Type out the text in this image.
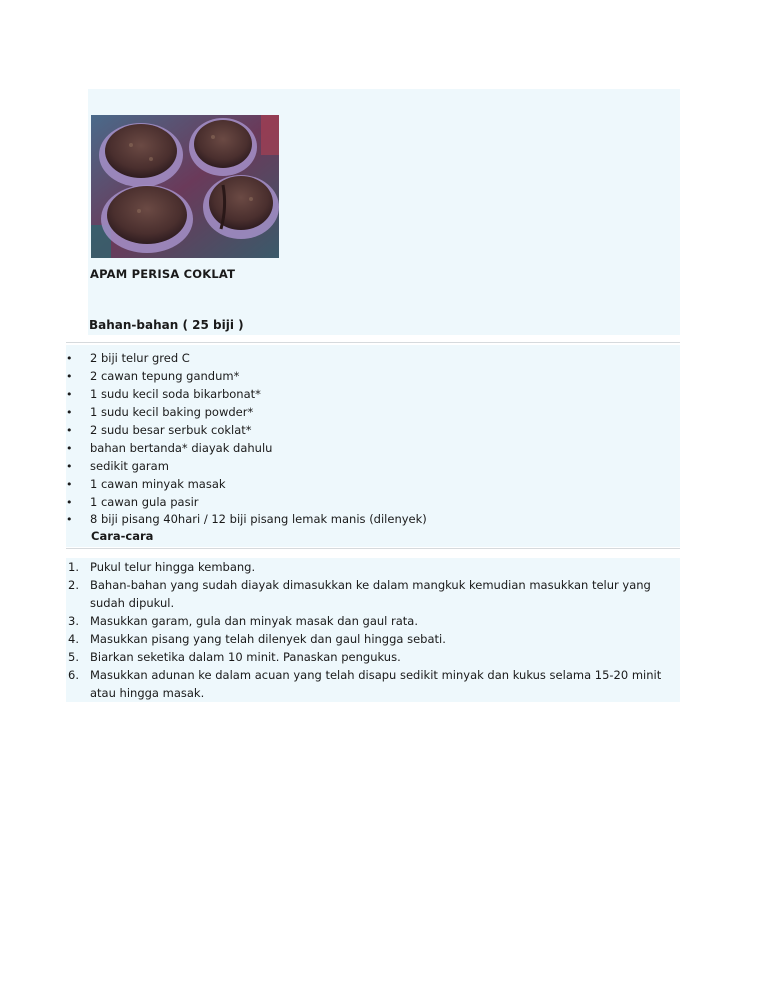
APAM PERISA COKLAT
Bahan-bahan ( 25 biji )
•	2 biji telur gred C
•	2 cawan tepung gandum*
•	1 sudu kecil soda bikarbonat*
•	1 sudu kecil baking powder*
•	2 sudu besar serbuk coklat*
•	bahan bertanda* diayak dahulu
•	sedikit garam
•	1 cawan minyak masak
•	1 cawan gula pasir
•	8 biji pisang 40hari / 12 biji pisang lemak manis (dilenyek)
Cara-cara
1. Pukul telur hingga kembang.
2. Bahan-bahan yang sudah diayak dimasukkan ke dalam mangkuk kemudian masukkan telur yang sudah dipukul.
3. Masukkan garam, gula dan minyak masak dan gaul rata.
4. Masukkan pisang yang telah dilenyek dan gaul hingga sebati.
5. Biarkan seketika dalam 10 minit. Panaskan pengukus.
6. Masukkan adunan ke dalam acuan yang telah disapu sedikit minyak dan kukus selama 15-20 minit atau hingga masak.
